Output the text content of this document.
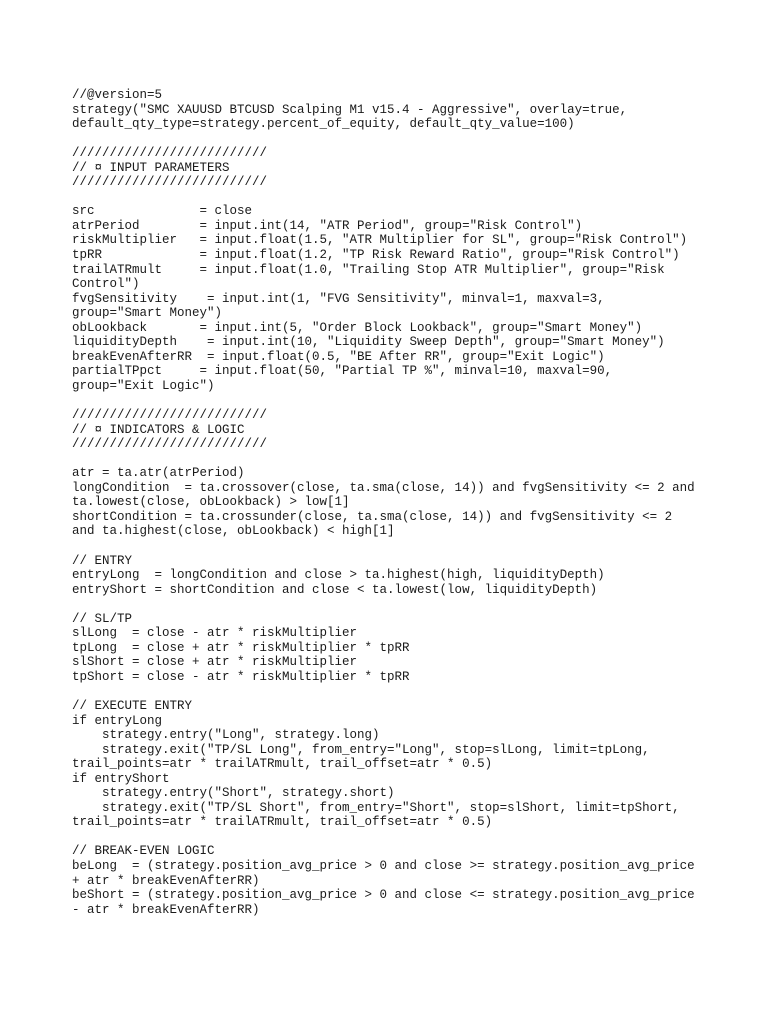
//@version=5
strategy("SMC XAUUSD BTCUSD Scalping M1 v15.4 - Aggressive", overlay=true,
default_qty_type=strategy.percent_of_equity, default_qty_value=100)
//////////////////////////
// ¤ INPUT PARAMETERS
//////////////////////////
src              = close
atrPeriod        = input.int(14, "ATR Period", group="Risk Control")
riskMultiplier   = input.float(1.5, "ATR Multiplier for SL", group="Risk Control")
tpRR             = input.float(1.2, "TP Risk Reward Ratio", group="Risk Control")
trailATRmult     = input.float(1.0, "Trailing Stop ATR Multiplier", group="Risk
Control")
fvgSensitivity    = input.int(1, "FVG Sensitivity", minval=1, maxval=3,
group="Smart Money")
obLookback       = input.int(5, "Order Block Lookback", group="Smart Money")
liquidityDepth    = input.int(10, "Liquidity Sweep Depth", group="Smart Money")
breakEvenAfterRR  = input.float(0.5, "BE After RR", group="Exit Logic")
partialTPpct     = input.float(50, "Partial TP %", minval=10, maxval=90,
group="Exit Logic")
//////////////////////////
// ¤ INDICATORS & LOGIC
//////////////////////////
atr = ta.atr(atrPeriod)
longCondition  = ta.crossover(close, ta.sma(close, 14)) and fvgSensitivity <= 2 and
ta.lowest(close, obLookback) > low[1]
shortCondition = ta.crossunder(close, ta.sma(close, 14)) and fvgSensitivity <= 2
and ta.highest(close, obLookback) < high[1]
// ENTRY
entryLong  = longCondition and close > ta.highest(high, liquidityDepth)
entryShort = shortCondition and close < ta.lowest(low, liquidityDepth)
// SL/TP
slLong  = close - atr * riskMultiplier
tpLong  = close + atr * riskMultiplier * tpRR
slShort = close + atr * riskMultiplier
tpShort = close - atr * riskMultiplier * tpRR
// EXECUTE ENTRY
if entryLong
strategy.entry("Long", strategy.long)
strategy.exit("TP/SL Long", from_entry="Long", stop=slLong, limit=tpLong,
trail_points=atr * trailATRmult, trail_offset=atr * 0.5)
if entryShort
strategy.entry("Short", strategy.short)
strategy.exit("TP/SL Short", from_entry="Short", stop=slShort, limit=tpShort,
trail_points=atr * trailATRmult, trail_offset=atr * 0.5)
// BREAK-EVEN LOGIC
beLong  = (strategy.position_avg_price > 0 and close >= strategy.position_avg_price
+ atr * breakEvenAfterRR)
beShort = (strategy.position_avg_price > 0 and close <= strategy.position_avg_price
- atr * breakEvenAfterRR)
